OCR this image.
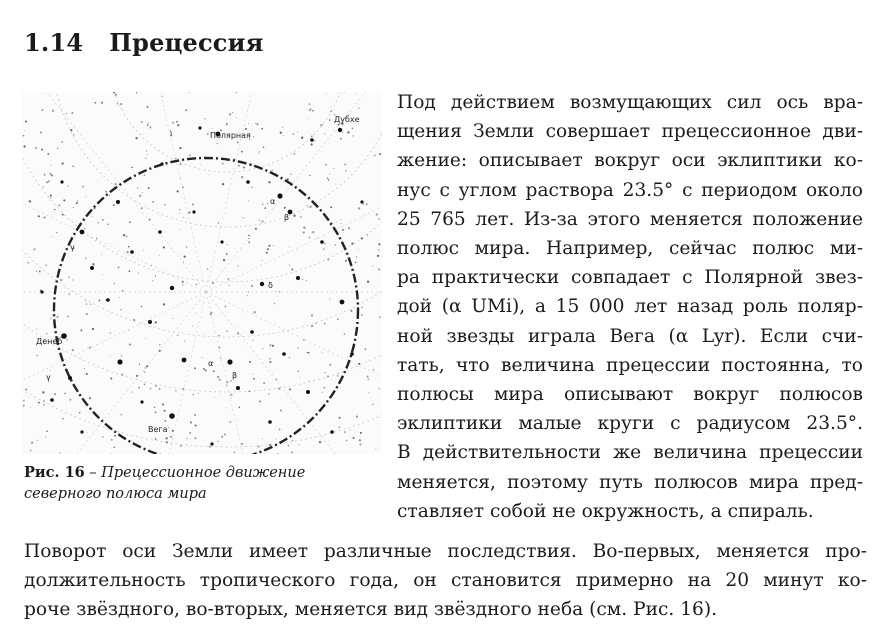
1.14 Прецессия
Полярная
Дубхе
Денеб
Вега
α
β
γ
δ
α
β
γ
Рис. 16 – Прецессионное движение северного полюса мира
Под действием возмущающих сил ось вра-
щения Земли совершает прецессионное дви-
жение: описывает вокруг оси эклиптики ко-
нус с углом раствора 23.5° с периодом около
25 765 лет. Из-за этого меняется положение
полюс мира. Например, сейчас полюс ми-
ра практически совпадает с Полярной звез-
дой (α UMi), а 15 000 лет назад роль поляр-
ной звезды играла Вега (α Lyr). Если счи-
тать, что величина прецессии постоянна, то
полюсы мира описывают вокруг полюсов
эклиптики малые круги с радиусом 23.5°.
В действительности же величина прецессии
меняется, поэтому путь полюсов мира пред-
ставляет собой не окружность, а спираль.
Поворот оси Земли имеет различные последствия. Во-первых, меняется про-
должительность тропического года, он становится примерно на 20 минут ко-
роче звёздного, во-вторых, меняется вид звёздного неба (см. Рис. 16).
